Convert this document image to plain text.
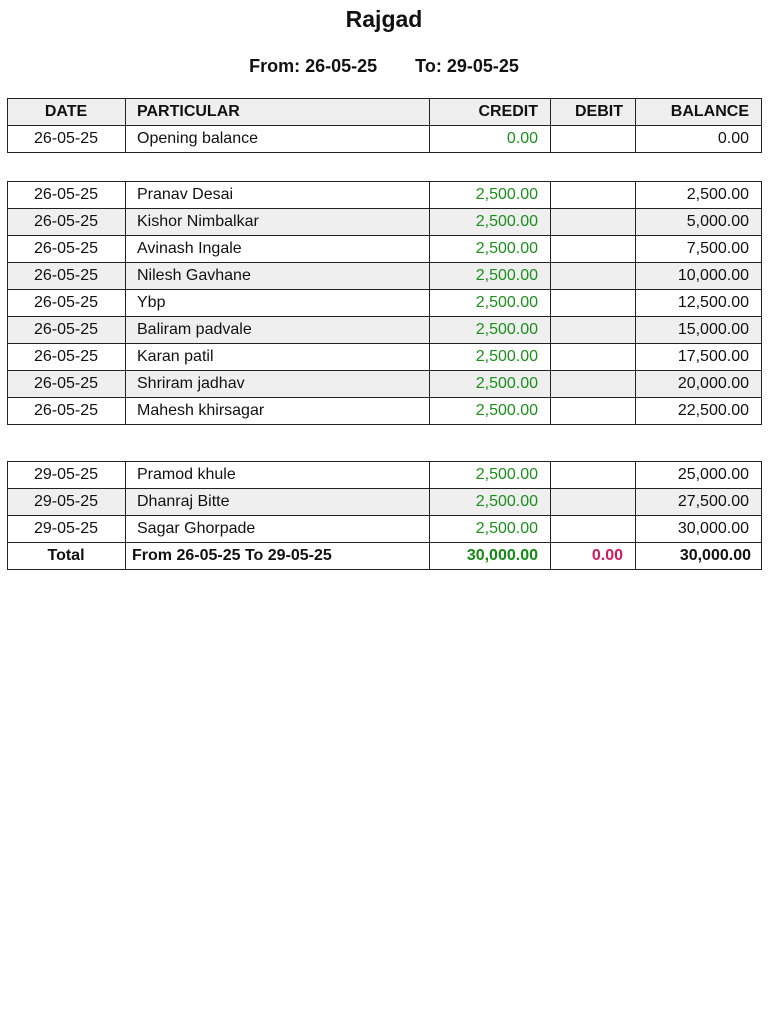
Rajgad
From: 26-05-25 To: 29-05-25
DATE	PARTICULAR	CREDIT	DEBIT	BALANCE
26-05-25	Opening balance	0.00		0.00
26-05-25	Pranav Desai	2,500.00		2,500.00
26-05-25	Kishor Nimbalkar	2,500.00		5,000.00
26-05-25	Avinash Ingale	2,500.00		7,500.00
26-05-25	Nilesh Gavhane	2,500.00		10,000.00
26-05-25	Ybp	2,500.00		12,500.00
26-05-25	Baliram padvale	2,500.00		15,000.00
26-05-25	Karan patil	2,500.00		17,500.00
26-05-25	Shriram jadhav	2,500.00		20,000.00
26-05-25	Mahesh khirsagar	2,500.00		22,500.00
29-05-25	Pramod khule	2,500.00		25,000.00
29-05-25	Dhanraj Bitte	2,500.00		27,500.00
29-05-25	Sagar Ghorpade	2,500.00		30,000.00
Total	From 26-05-25 To 29-05-25	30,000.00	0.00	30,000.00
